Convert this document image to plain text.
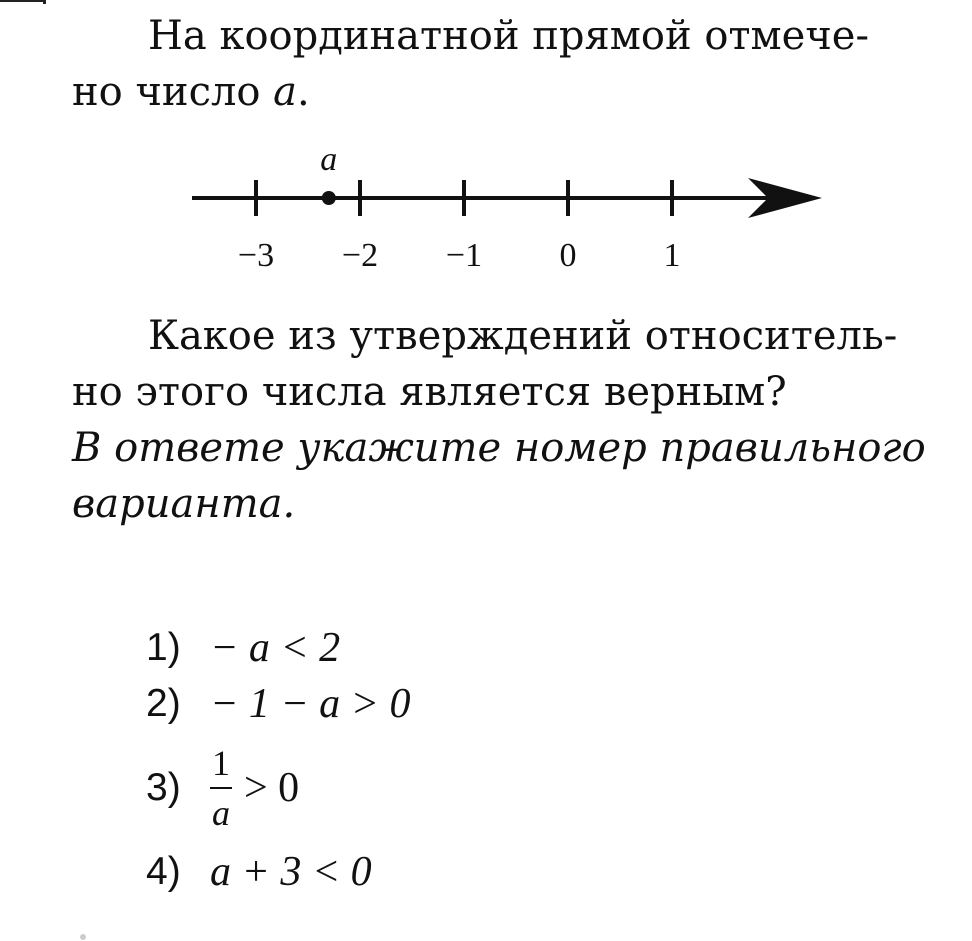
На координатной прямой отмече-
но число a.

−3 −2 −1 0	1
a

Какое из утверждений относитель-
но этого числа является верным?
В ответе укажите номер правильного
варианта.

1) − a < 2
2) − 1 − a > 0
$3) \frac{1}{a} > 0$
4) a + 3 < 0
